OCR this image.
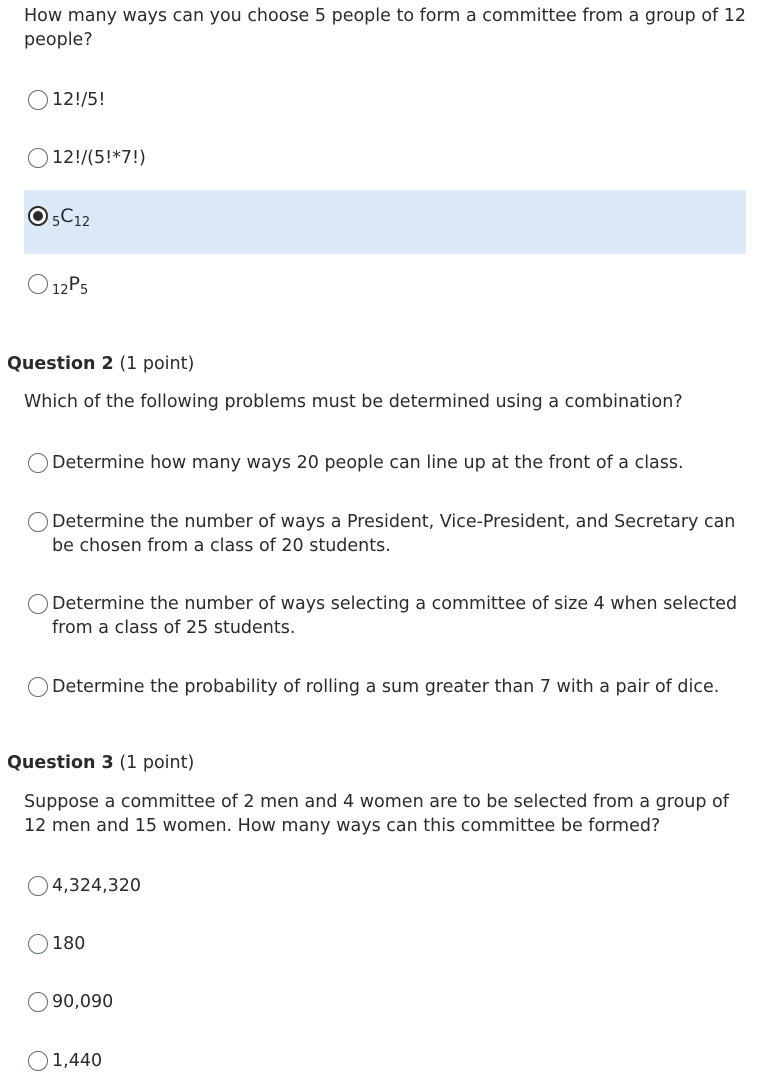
How many ways can you choose 5 people to form a committee from a group of 12 people?

12!/5!
12!/(5!*7!)
$_5C_{12}$
$_{12}P_5$

Question 2 (1 point)

Which of the following problems must be determined using a combination?

Determine how many ways 20 people can line up at the front of a class.
Determine the number of ways a President, Vice-President, and Secretary can be chosen from a class of 20 students.
Determine the number of ways selecting a committee of size 4 when selected from a class of 25 students.
Determine the probability of rolling a sum greater than 7 with a pair of dice.

Question 3 (1 point)

Suppose a committee of 2 men and 4 women are to be selected from a group of 12 men and 15 women. How many ways can this committee be formed?

4,324,320
180
90,090
1,440
